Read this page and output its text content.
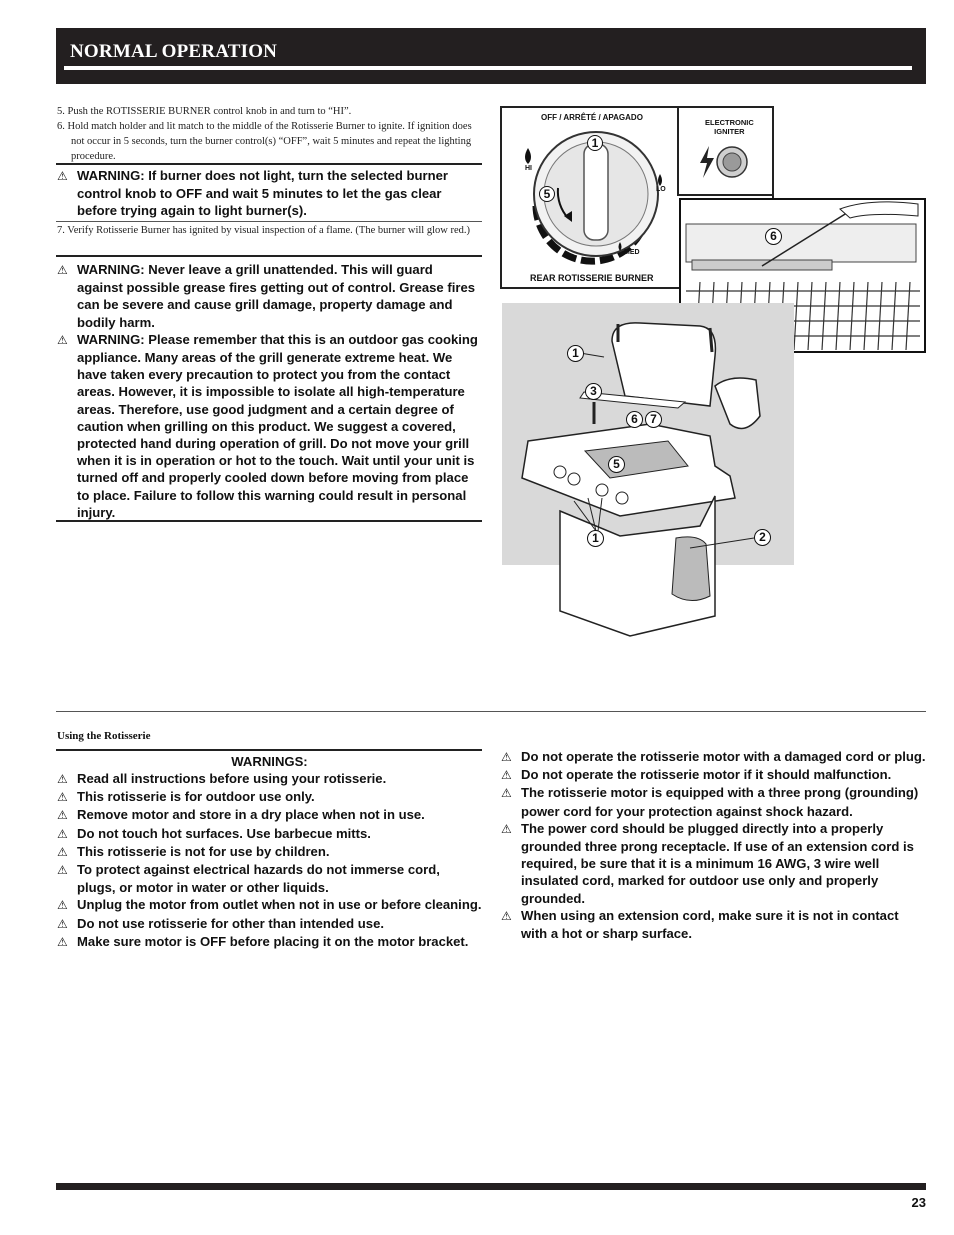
NORMAL OPERATION

5. Push the ROTISSERIE BURNER control knob in and turn to “HI”.

6. Hold match holder and lit match to the middle of the Rotisserie Burner to ignite. If ignition does not occur in 5 seconds, turn the burner control(s) “OFF”, wait 5 minutes and repeat the lighting procedure.

⚠ WARNING: If burner does not light, turn the selected burner control knob to OFF and wait 5 minutes to let the gas clear before trying again to light burner(s).

7. Verify Rotisserie Burner has ignited by visual inspection of a flame. (The burner will glow red.)

⚠ WARNING: Never leave a grill unattended. This will guard against possible grease fires getting out of control. Grease fires can be severe and cause grill damage, property damage and bodily harm.

⚠ WARNING: Please remember that this is an outdoor gas cooking appliance. Many areas of the grill generate extreme heat. We have taken every precaution to protect you from the contact areas. However, it is impossible to isolate all high-temperature areas. Therefore, use good judgment and a certain degree of caution when grilling on this product. We suggest a covered, protected hand during operation of grill. Do not move your grill when it is in operation or hot to the touch. Wait until your unit is turned off and properly cooled down before moving from place to place. Failure to follow this warning could result in personal injury.

OFF / ARRÊTÉ / APAGADO
HI
LO
MED
REAR ROTISSERIE BURNER
ELECTRONIC
IGNITER
1
5
6
1
3
6	7
5
1	2
Using the Rotisserie
WARNINGS:

⚠ Read all instructions before using your rotisserie.

⚠ This rotisserie is for outdoor use only.

⚠ Remove motor and store in a dry place when not in use.

⚠ Do not touch hot surfaces. Use barbecue mitts.

⚠ This rotisserie is not for use by children.

⚠ To protect against electrical hazards do not immerse cord, plugs, or motor in water or other liquids.

⚠ Unplug the motor from outlet when not in use or before cleaning.

⚠ Do not use rotisserie for other than intended use.

⚠ Make sure motor is OFF before placing it on the motor bracket.

⚠ Do not operate the rotisserie motor with a damaged cord or plug.

⚠ Do not operate the rotisserie motor if it should malfunction.

⚠ The rotisserie motor is equipped with a three prong (grounding) power cord for your protection against shock hazard.

⚠ The power cord should be plugged directly into a properly grounded three prong receptacle. If use of an extension cord is required, be sure that it is a minimum 16 AWG, 3 wire well insulated cord, marked for outdoor use only and properly grounded.

⚠ When using an extension cord, make sure it is not in contact with a hot or sharp surface.

23
